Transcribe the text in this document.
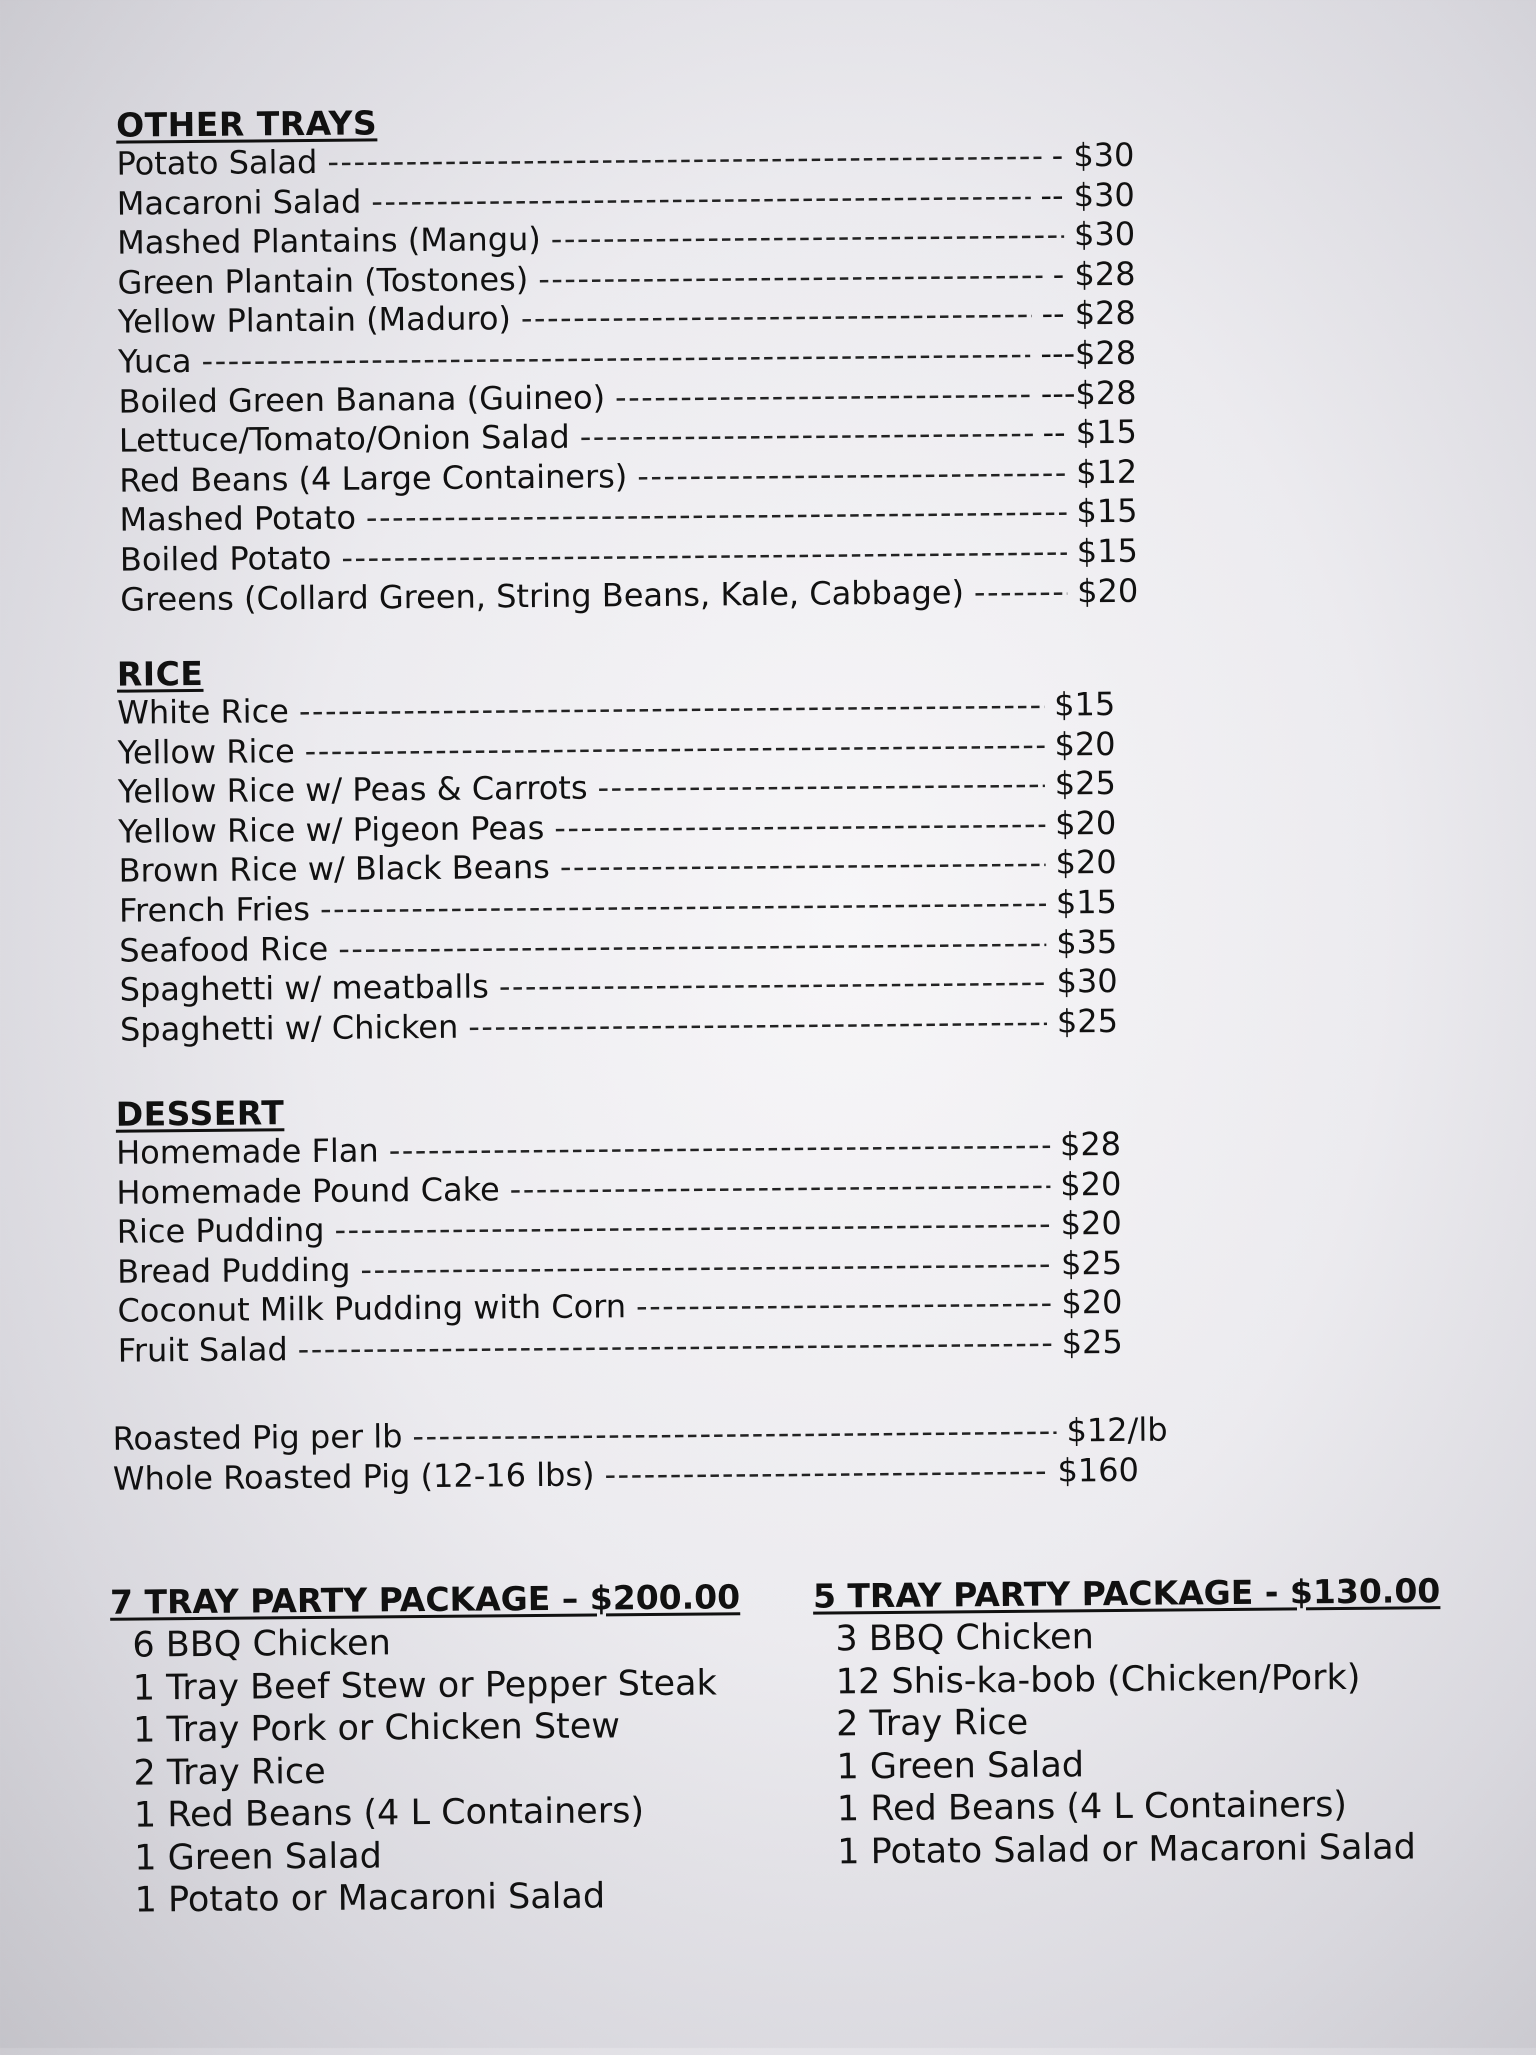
OTHER TRAYS
Potato Salad -----	- $30
Macaroni Salad -----	-- $30
Mashed Plantains (Mangu) -----	$30
Green Plantain (Tostones) -----	- $28
Yellow Plantain (Maduro) -----	-- $28
Yuca -----	---$28
Boiled Green Banana (Guineo) -----	---$28
Lettuce/Tomato/Onion Salad -----	-- $15
Red Beans (4 Large Containers) -----	$12
Mashed Potato -----	$15
Boiled Potato -----	$15
Greens (Collard Green, String Beans, Kale, Cabbage) -----	$20
RICE
White Rice -----	$15
Yellow Rice -----	$20
Yellow Rice w/ Peas & Carrots -----	$25
Yellow Rice w/ Pigeon Peas -----	$20
Brown Rice w/ Black Beans -----	$20
French Fries -----	$15
Seafood Rice -----	$35
Spaghetti w/ meatballs -----	$30
Spaghetti w/ Chicken -----	$25
DESSERT
Homemade Flan -----	$28
Homemade Pound Cake -----	$20
Rice Pudding -----	$20
Bread Pudding -----	$25
Coconut Milk Pudding with Corn -----	$20
Fruit Salad -----	$25
Roasted Pig per lb -----	$12/lb
Whole Roasted Pig (12-16 lbs) -----	$160
7 TRAY PARTY PACKAGE – $200.00
6 BBQ Chicken
1 Tray Beef Stew or Pepper Steak
1 Tray Pork or Chicken Stew
2 Tray Rice
1 Red Beans (4 L Containers)
1 Green Salad
1 Potato or Macaroni Salad
5 TRAY PARTY PACKAGE - $130.00
3 BBQ Chicken
12 Shis-ka-bob (Chicken/Pork)
2 Tray Rice
1 Green Salad
1 Red Beans (4 L Containers)
1 Potato Salad or Macaroni Salad
